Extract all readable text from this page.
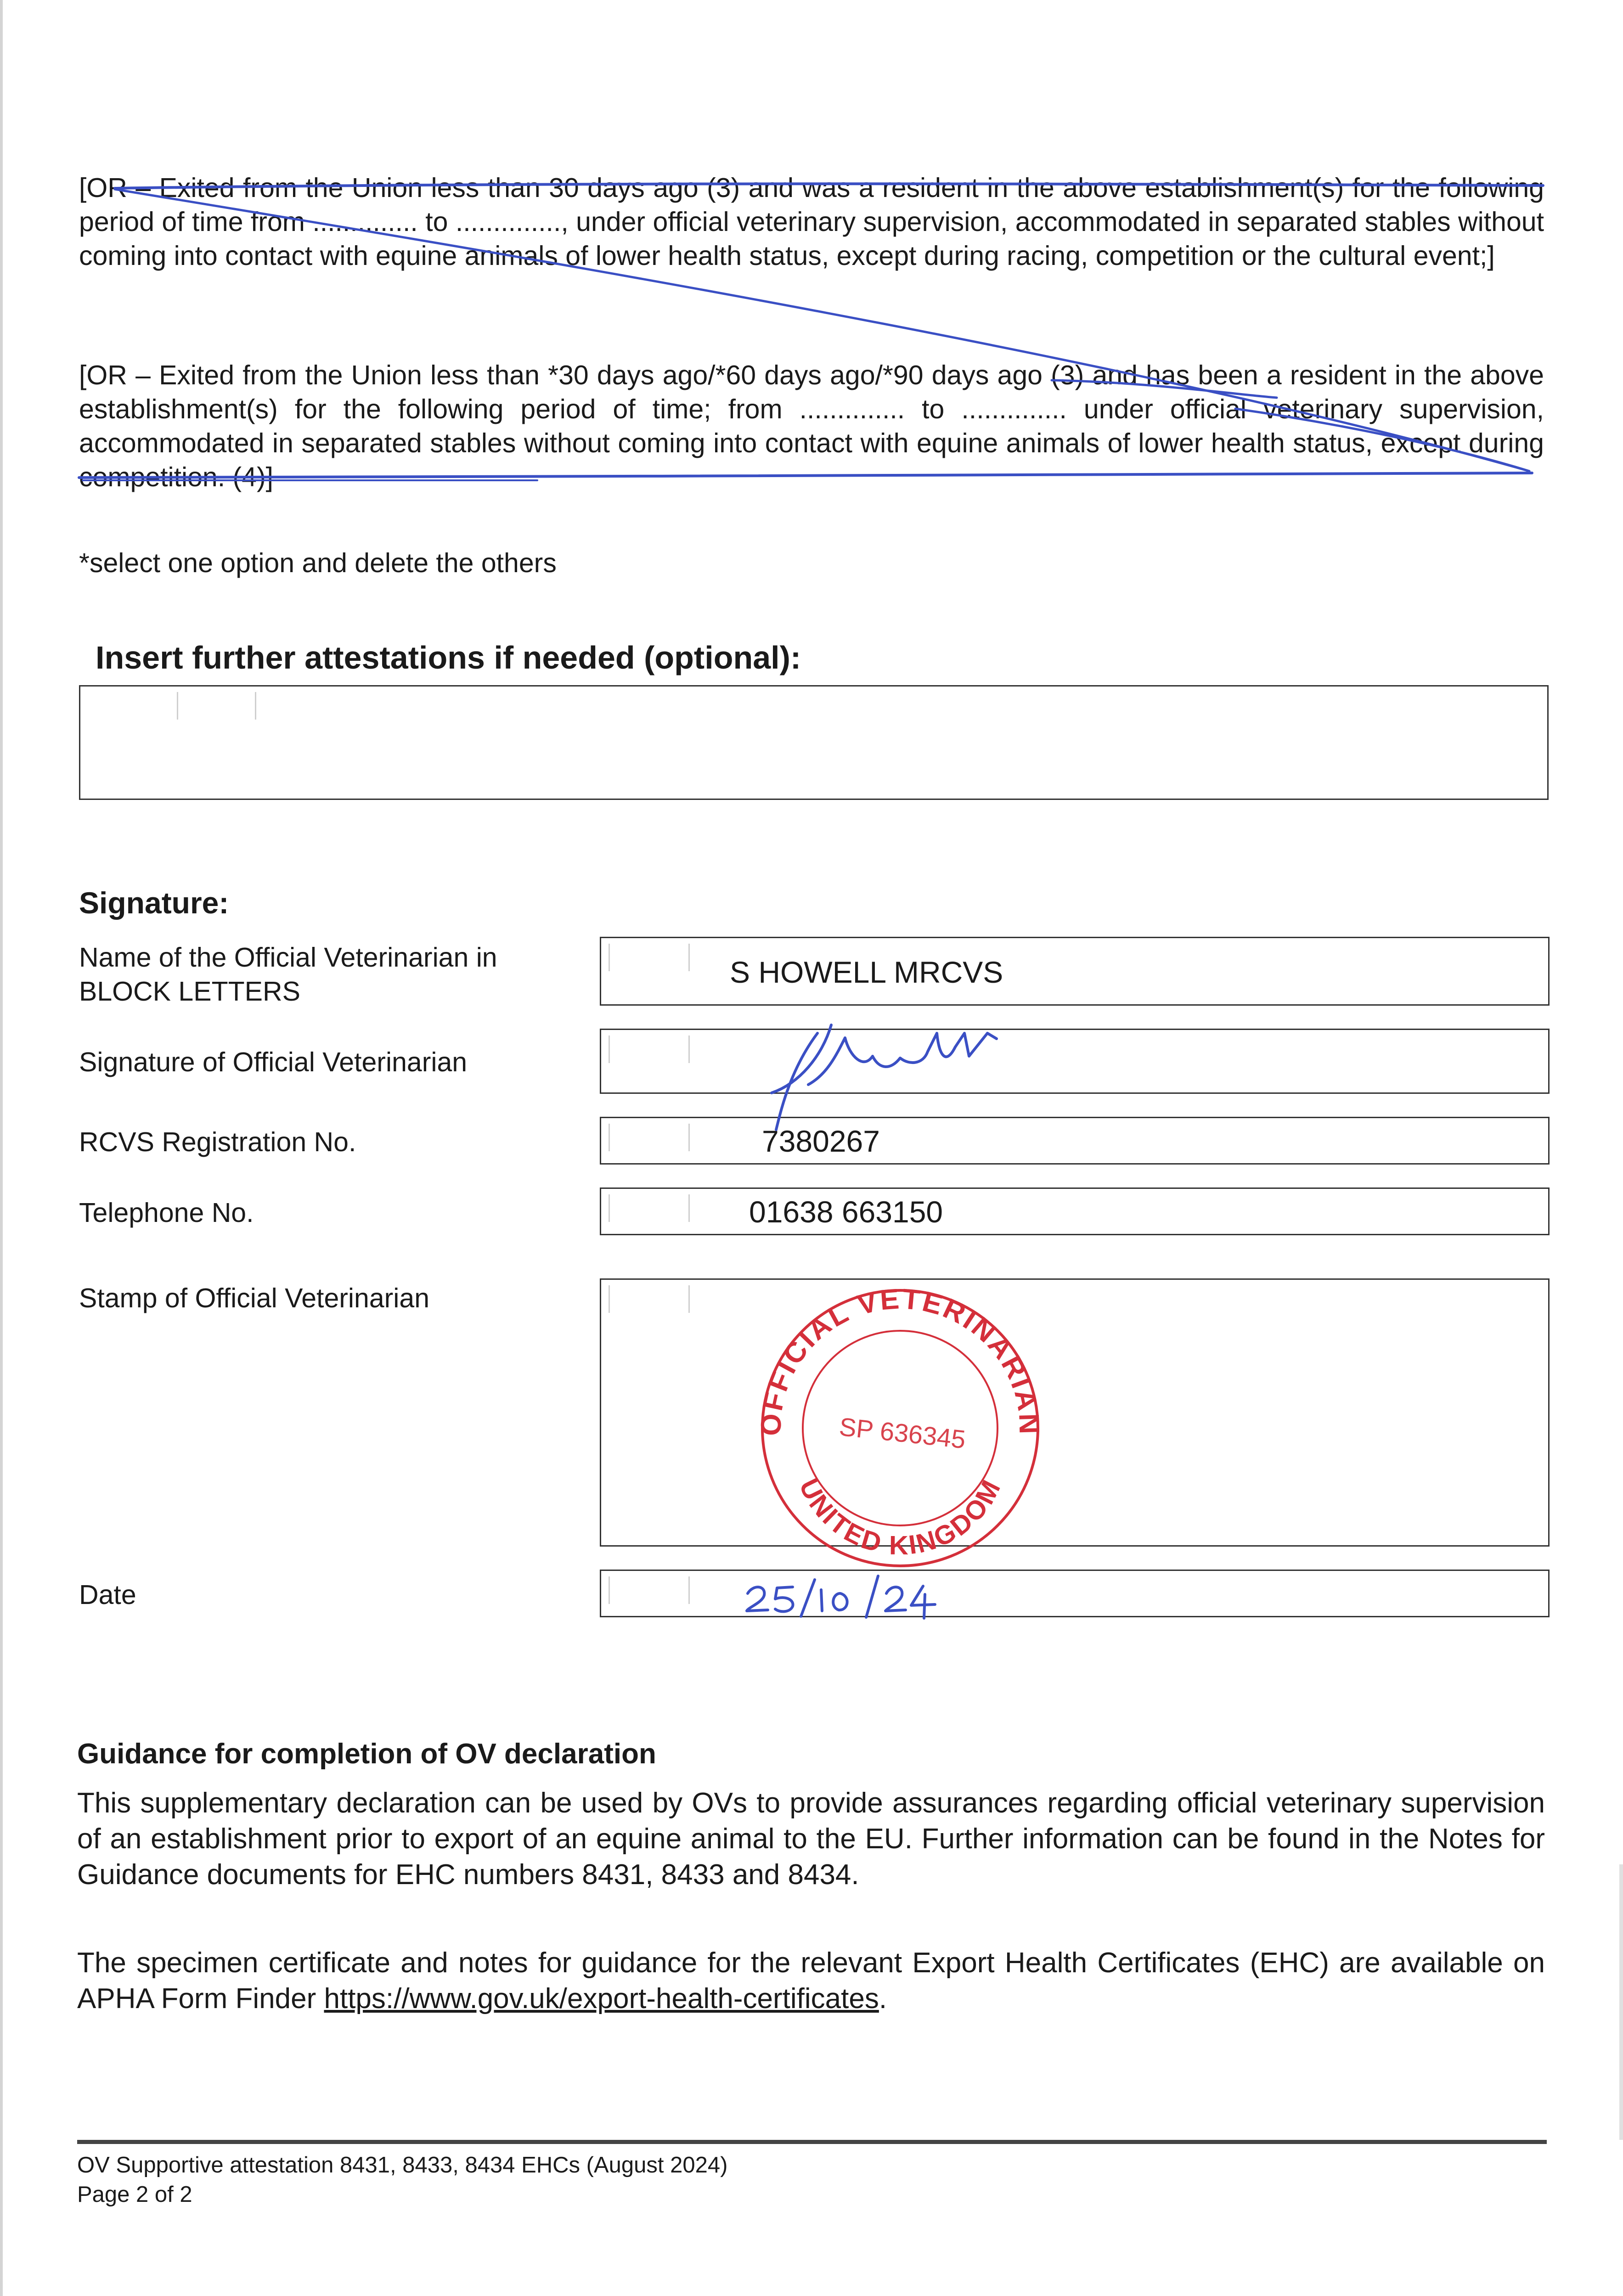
[OR – Exited from the Union less than 30 days ago (3) and was a resident in the above establishment(s) for the following period of time from .............. to .............., under official veterinary supervision, accommodated in separated stables without coming into contact with equine animals of lower health status, except during racing, competition or the cultural event;]

[OR – Exited from the Union less than *30 days ago/*60 days ago/*90 days ago (3) and has been a resident in the above establishment(s) for the following period of time; from .............. to .............. under official veterinary supervision, accommodated in separated stables without coming into contact with equine animals of lower health status, except during competition. (4)]

*select one option and delete the others

Insert further attestations if needed (optional):

Signature:

Name of the Official Veterinarian in
BLOCK LETTERS

S HOWELL MRCVS

Signature of Official Veterinarian

RCVS Registration No.	7380267

Telephone No.	01638 663150

Stamp of Official Veterinarian

Date

Guidance for completion of OV declaration

This supplementary declaration can be used by OVs to provide assurances regarding official veterinary supervision of an establishment prior to export of an equine animal to the EU. Further information can be found in the Notes for Guidance documents for EHC numbers 8431, 8433 and 8434.

The specimen certificate and notes for guidance for the relevant Export Health Certificates (EHC) are available on APHA Form Finder https://www.gov.uk/export-health-certificates.

OV Supportive attestation 8431, 8433, 8434 EHCs (August 2024)
Page 2 of 2
OFFICIAL VETERINARIAN
UNITED KINGDOM
SP 636345
